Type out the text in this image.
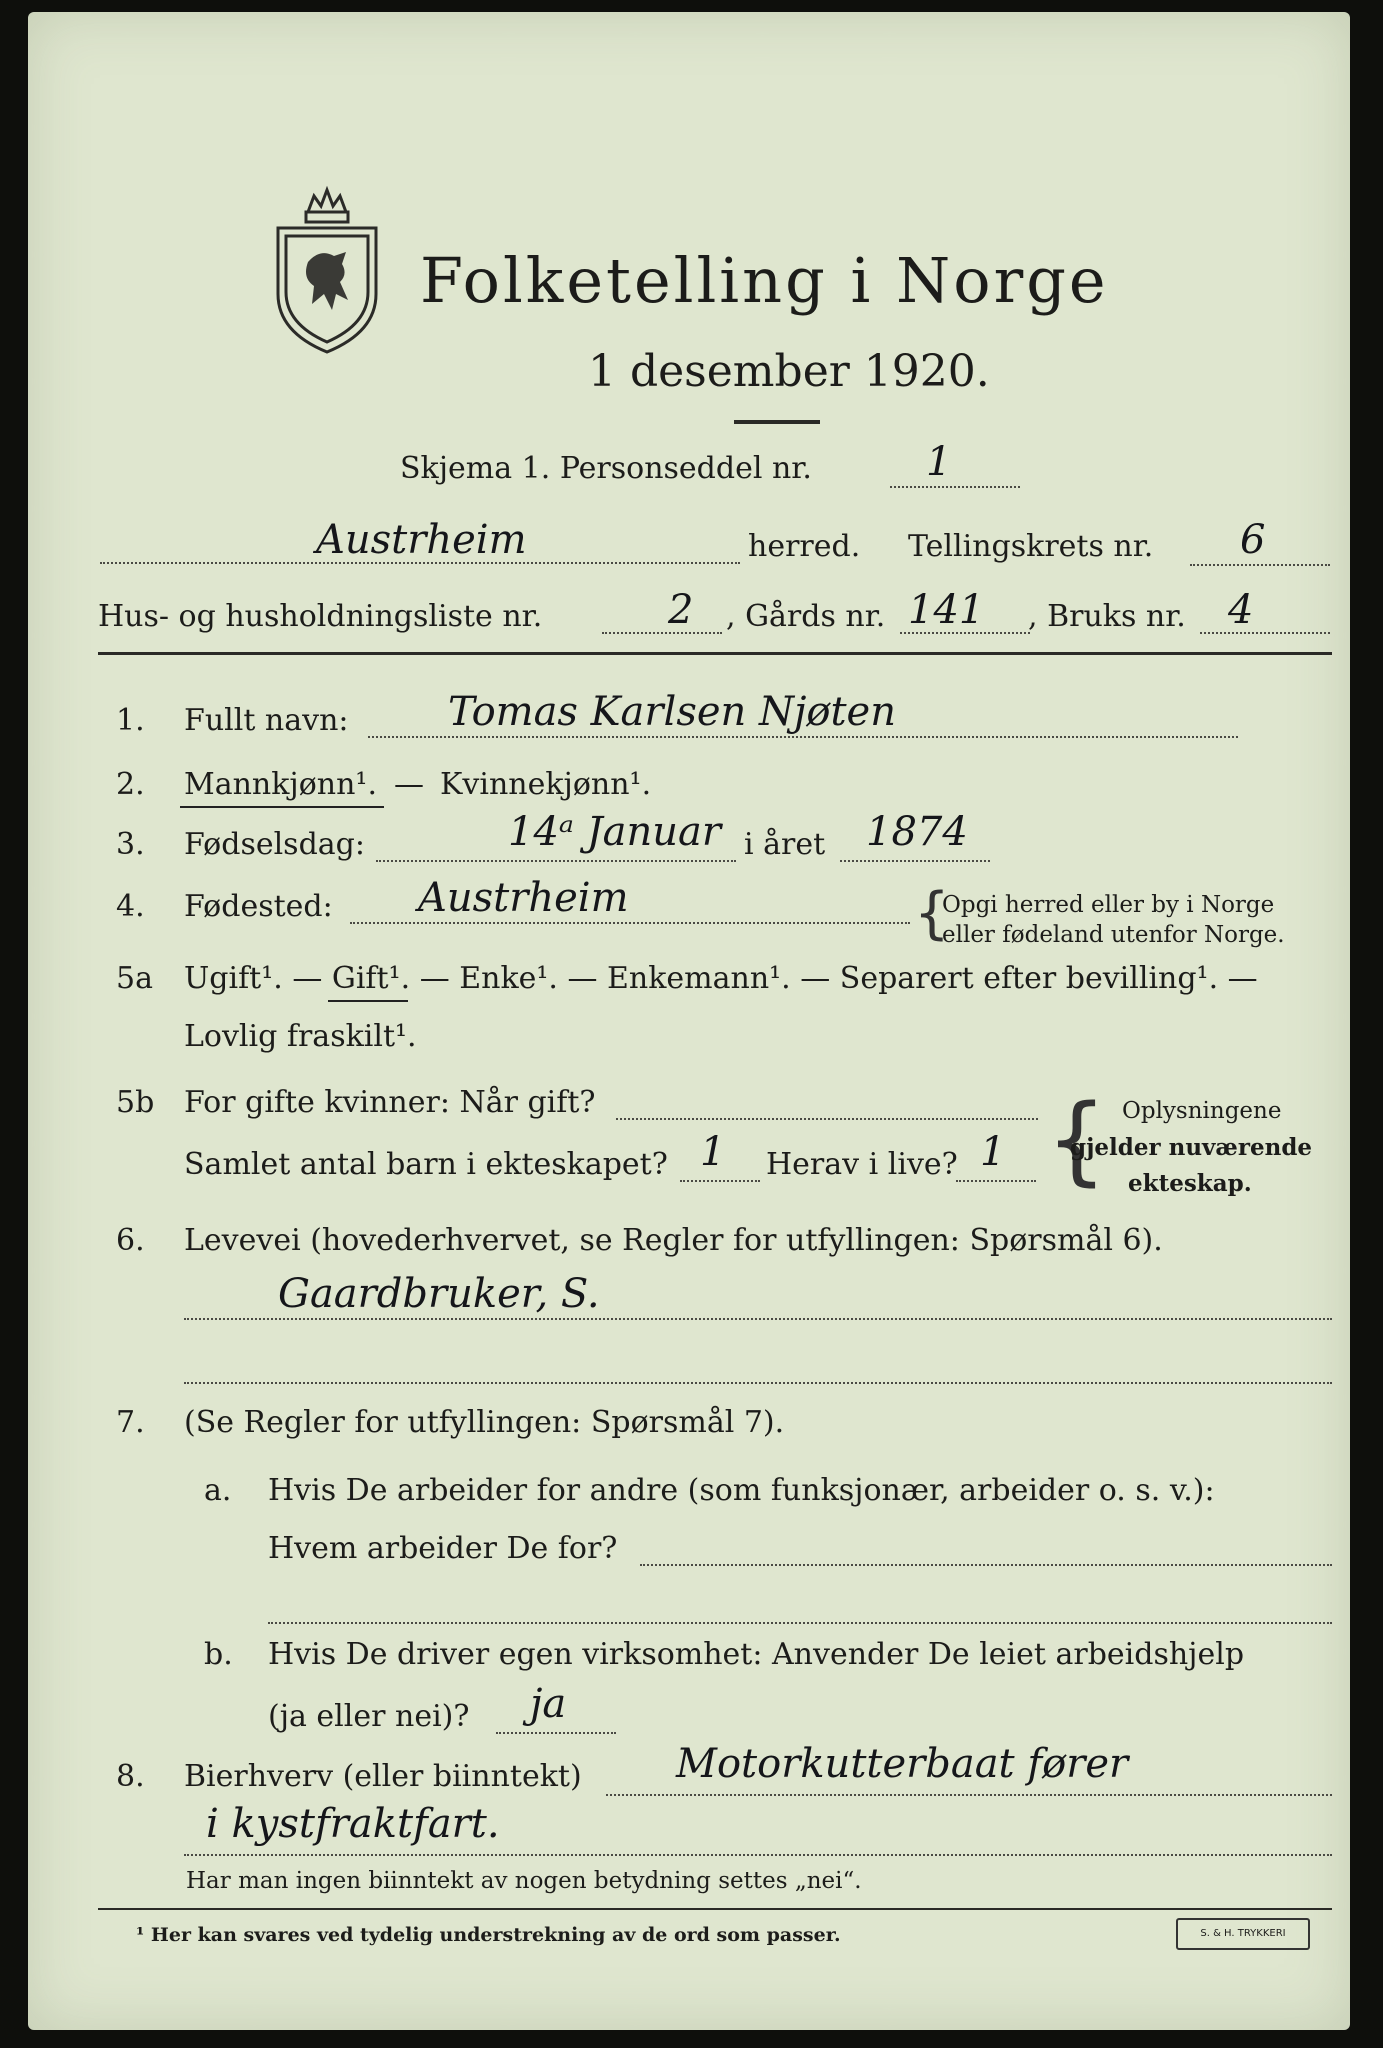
Folketelling i Norge
1 desember 1920.
Skjema 1. Personseddel nr.	1
Austrheim	herred. Tellingskrets nr. 6
Hus- og husholdningsliste nr.	2 , Gårds nr. 141 , Bruks nr. 4
1. Fullt navn: Tomas Karlsen Njøten
2. Mannkjønn¹. — Kvinnekjønn¹.
3. Fødselsdag:	14ᵃ Januar i året 1874
4. Fødested: Austrheim	{
Opgi herred eller by i Norge
eller fødeland utenfor Norge.
5a Ugift¹. — Gift¹. — Enke¹. — Enkemann¹. — Separert efter bevilling¹. —
Lovlig fraskilt¹.
5b For gifte kvinner: Når gift?
Samlet antal barn i ekteskapet? 1 Herav i live? 1 { Oplysningene
gjelder nuværende
ekteskap.
6. Levevei (hovederhvervet, se Regler for utfyllingen: Spørsmål 6).
Gaardbruker, S.
7. (Se Regler for utfyllingen: Spørsmål 7).
a. Hvis De arbeider for andre (som funksjonær, arbeider o. s. v.):
Hvem arbeider De for?
b. Hvis De driver egen virksomhet: Anvender De leiet arbeidshjelp
(ja eller nei)? ja
8. Bierhverv (eller biinntekt) Motorkutterbaat fører
i kystfraktfart.
Har man ingen biinntekt av nogen betydning settes „nei“.
¹ Her kan svares ved tydelig understrekning av de ord som passer.	S. & H. TRYKKERI
